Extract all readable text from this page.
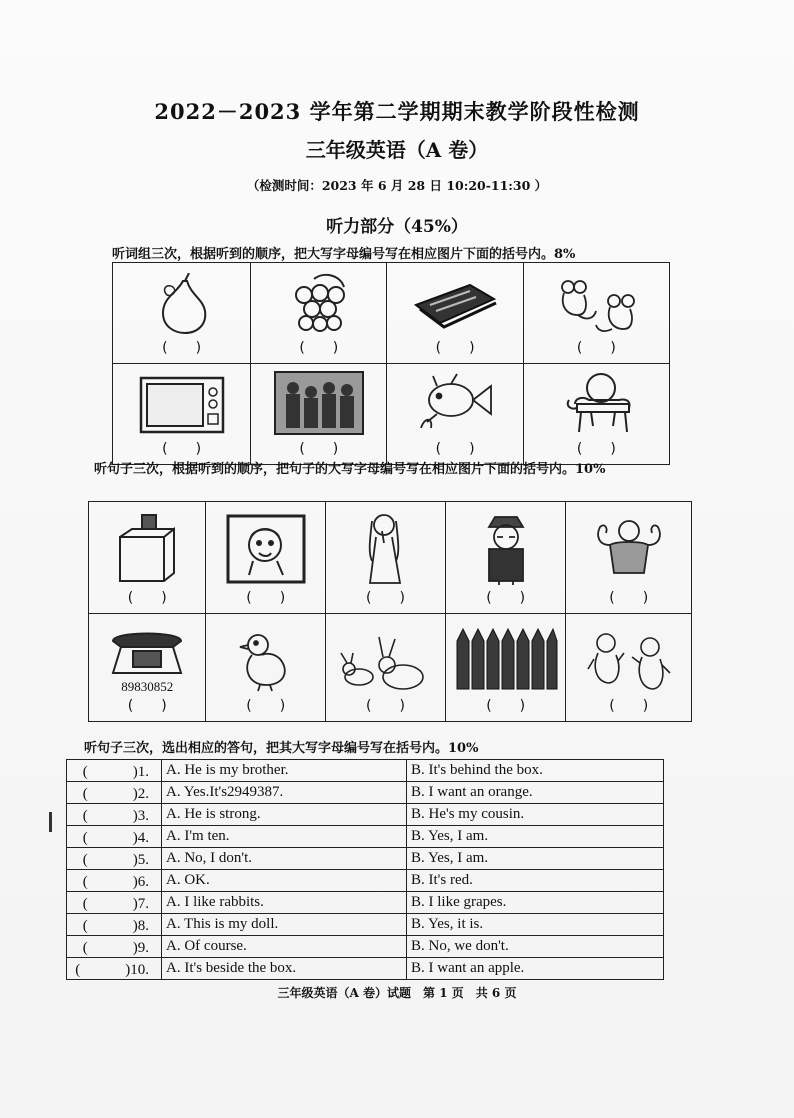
2022－2023 学年第二学期期末教学阶段性检测
三年级英语（A 卷）
（检测时间：2023 年 6 月 28 日 10:20-11:30 ）
听力部分（45%）
听词组三次，根据听到的顺序，把大写字母编号写在相应图片下面的括号内。8%
(　　)	(　　)	(　　)	(　　)

(　　)	(　　)	(　　)	(　　)
听句子三次，根据听到的顺序，把句子的大写字母编号写在相应图片下面的括号内。10%
(　　)	(　　)	(　　)	(　　)	(　　)

89830852
(　　)	(　　)	(　　)	(　　)	(　　)
听句子三次，选出相应的答句，把其大写字母编号写在括号内。10%
(　　　)1.	A. He is my brother.	B. It's behind the box.
(　　　)2.	A. Yes.It's2949387.	B. I want an orange.
(　　　)3.	A. He is strong.	B. He's my cousin.
(　　　)4.	A. I'm ten.	B. Yes, I am.
(　　　)5.	A. No, I don't.	B. Yes, I am.
(　　　)6.	A. OK.	B. It's red.
(　　　)7.	A. I like rabbits.	B. I like grapes.
(　　　)8.	A. This is my doll.	B. Yes, it is.
(　　　)9.	A. Of course.	B. No, we don't.
(　　　)10.	A. It's beside the box.	B. I want an apple.
三年级英语（A 卷）试题　第 1 页　共 6 页
